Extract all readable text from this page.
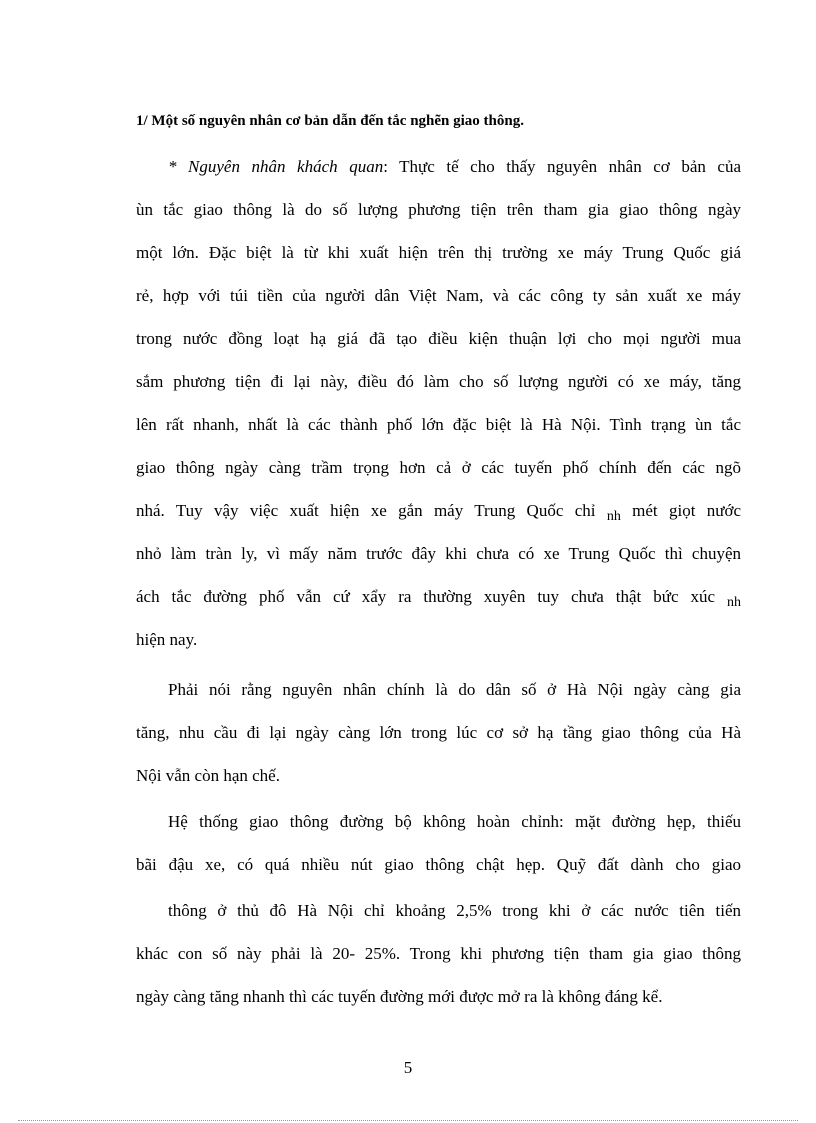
1/ Một số nguyên nhân cơ bản dẫn đến tắc nghẽn giao thông.
* Nguyên nhân khách quan: Thực tế cho thấy nguyên nhân cơ bản của
ùn tắc giao thông là do số lượng phương tiện trên tham gia giao thông ngày
một lớn. Đặc biệt là từ khi xuất hiện trên thị trường xe máy Trung Quốc giá
rẻ, hợp với túi tiền của người dân Việt Nam, và các công ty sản xuất xe máy
trong nước đồng loạt hạ giá đã tạo điều kiện thuận lợi cho mọi người mua
sắm phương tiện đi lại này, điều đó làm cho số lượng người có xe máy, tăng
lên rất nhanh, nhất là các thành phố lớn đặc biệt là Hà Nội. Tình trạng ùn tắc
giao thông ngày càng trầm trọng hơn cả ở các tuyến phố chính đến các ngõ
nhá. Tuy vậy việc xuất hiện xe gắn máy Trung Quốc chỉ $_{nh}$ mét giọt nước
nhỏ làm tràn ly, vì mấy năm trước đây khi chưa có xe Trung Quốc thì chuyện
ách tắc đường phố vẫn cứ xẩy ra thường xuyên tuy chưa thật bức xúc $_{nh}$
hiện nay.
Phải nói rằng nguyên nhân chính là do dân số ở Hà Nội ngày càng gia
tăng, nhu cầu đi lại ngày càng lớn trong lúc cơ sở hạ tầng giao thông của Hà
Nội vẫn còn hạn chế.
Hệ thống giao thông đường bộ không hoàn chỉnh: mặt đường hẹp, thiếu
bãi đậu xe, có quá nhiều nút giao thông chật hẹp. Quỹ đất dành cho giao
thông ở thủ đô Hà Nội chỉ khoảng 2,5% trong khi ở các nước tiên tiến
khác con số này phải là 20- 25%. Trong khi phương tiện tham gia giao thông
ngày càng tăng nhanh thì các tuyến đường mới được mở ra là không đáng kể.
5
